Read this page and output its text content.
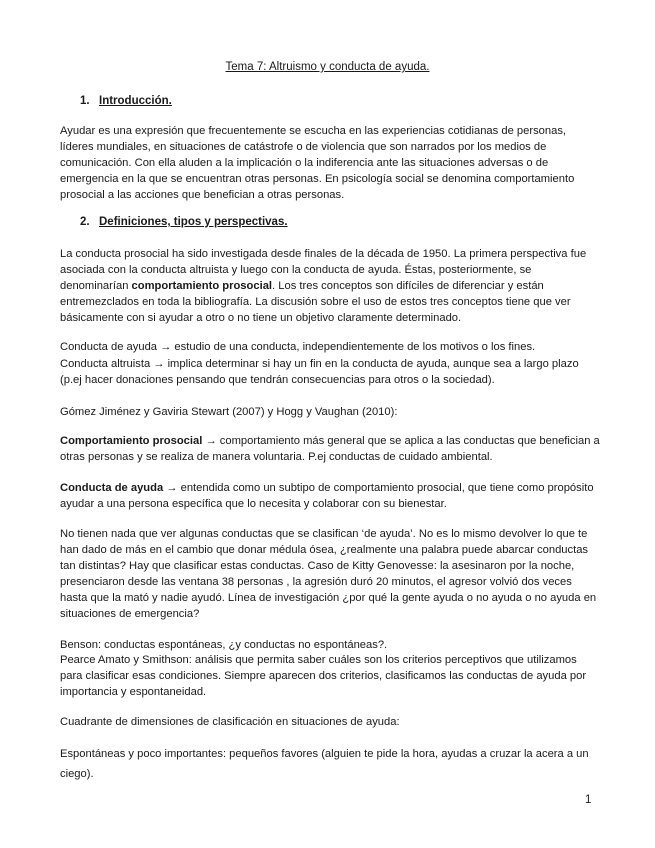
Tema 7: Altruismo y conducta de ayuda.
1. Introducción.

Ayudar es una expresión que frecuentemente se escucha en las experiencias cotidianas de personas, líderes mundiales, en situaciones de catástrofe o de violencia que son narrados por los medios de comunicación. Con ella aluden a la implicación o la indiferencia ante las situaciones adversas o de emergencia en la que se encuentran otras personas. En psicología social se denomina comportamiento prosocial a las acciones que benefician a otras personas.

2. Definiciones, tipos y perspectivas.

La conducta prosocial ha sido investigada desde finales de la década de 1950. La primera perspectiva fue asociada con la conducta altruista y luego con la conducta de ayuda. Éstas, posteriormente, se denominarían comportamiento prosocial. Los tres conceptos son difíciles de diferenciar y están entremezclados en toda la bibliografía. La discusión sobre el uso de estos tres conceptos tiene que ver básicamente con si ayudar a otro o no tiene un objetivo claramente determinado.

Conducta de ayuda → estudio de una conducta, independientemente de los motivos o los fines.

Conducta altruista → implica determinar si hay un fin en la conducta de ayuda, aunque sea a largo plazo (p.ej hacer donaciones pensando que tendrán consecuencias para otros o la sociedad).

Gómez Jiménez y Gaviria Stewart (2007) y Hogg y Vaughan (2010):

Comportamiento prosocial → comportamiento más general que se aplica a las conductas que benefician a otras personas y se realiza de manera voluntaria. P.ej conductas de cuidado ambiental.

Conducta de ayuda → entendida como un subtipo de comportamiento prosocial, que tiene como propósito ayudar a una persona específica que lo necesita y colaborar con su bienestar.

No tienen nada que ver algunas conductas que se clasifican ‘de ayuda’. No es lo mismo devolver lo que te han dado de más en el cambio que donar médula ósea, ¿realmente una palabra puede abarcar conductas tan distintas? Hay que clasificar estas conductas. Caso de Kitty Genovesse: la asesinaron por la noche, presenciaron desde las ventana 38 personas , la agresión duró 20 minutos, el agresor volvió dos veces hasta que la mató y nadie ayudó. Línea de investigación ¿por qué la gente ayuda o no ayuda o no ayuda en situaciones de emergencia?

Benson: conductas espontáneas, ¿y conductas no espontáneas?.

Pearce Amato y Smithson: análisis que permita saber cuáles son los criterios perceptivos que utilizamos para clasificar esas condiciones. Siempre aparecen dos criterios, clasificamos las conductas de ayuda por importancia y espontaneidad.

Cuadrante de dimensiones de clasificación en situaciones de ayuda:

Espontáneas y poco importantes: pequeños favores (alguien te pide la hora, ayudas a cruzar la acera a un ciego).

1
